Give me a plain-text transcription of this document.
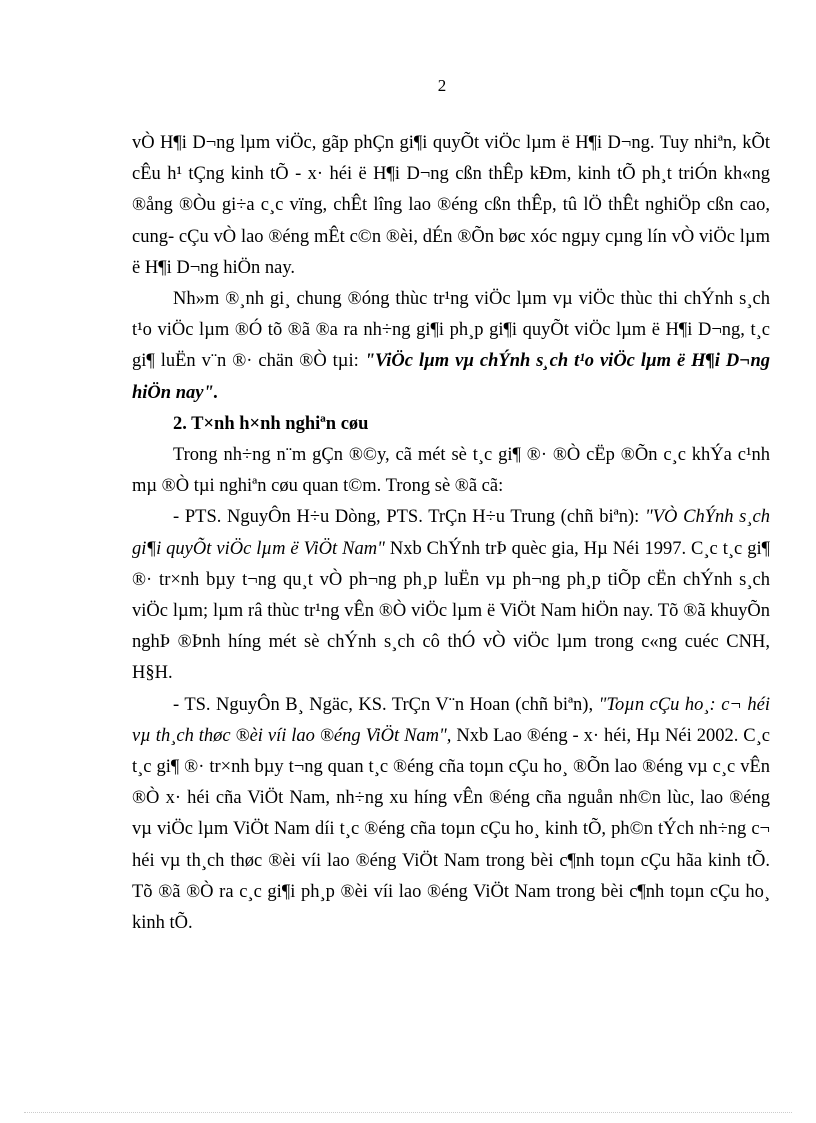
2

vÒ H¶i D¬ng lµm viÖc, gãp phÇn gi¶i quyÕt viÖc lµm ë H¶i D¬ng. Tuy nhiªn, kÕt cÊu h¹ tÇng kinh tÕ - x· héi ë H¶i D¬ng cßn thÊp kÐm, kinh tÕ ph¸t triÓn kh«ng ®ång ®Òu gi÷a c¸c vïng, chÊt lîng lao ®éng cßn thÊp, tû lÖ thÊt nghiÖp cßn cao, cung- cÇu vÒ lao ®éng mÊt c©n ®èi, dÉn ®Õn bøc xóc ngµy cµng lín vÒ viÖc lµm ë H¶i D¬ng hiÖn nay.

Nh»m ®¸nh gi¸ chung ®óng thùc tr¹ng viÖc lµm vµ viÖc thùc thi chÝnh s¸ch t¹o viÖc lµm ®Ó tõ ®ã ®a ra nh÷ng gi¶i ph¸p gi¶i quyÕt viÖc lµm ë H¶i D¬ng, t¸c gi¶ luËn v¨n ®· chän ®Ò tµi: "ViÖc lµm vµ chÝnh s¸ch t¹o viÖc lµm ë H¶i D¬ng hiÖn nay".

2. T×nh h×nh nghiªn cøu

Trong nh÷ng n¨m gÇn ®©y, cã mét sè t¸c gi¶ ®· ®Ò cËp ®Õn c¸c khÝa c¹nh mµ ®Ò tµi nghiªn cøu quan t©m. Trong sè ®ã cã:

- PTS. NguyÔn H÷u Dòng, PTS. TrÇn H÷u Trung (chñ biªn): "VÒ ChÝnh s¸ch gi¶i quyÕt viÖc lµm ë ViÖt Nam" Nxb ChÝnh trÞ quèc gia, Hµ Néi 1997. C¸c t¸c gi¶ ®· tr×nh bµy t¬ng qu¸t vÒ ph¬ng ph¸p luËn vµ ph¬ng ph¸p tiÕp cËn chÝnh s¸ch viÖc lµm; lµm râ thùc tr¹ng vÊn ®Ò viÖc lµm ë ViÖt Nam hiÖn nay. Tõ ®ã khuyÕn nghÞ ®Þnh híng mét sè chÝnh s¸ch cô thÓ vÒ viÖc lµm trong c«ng cuéc CNH, H§H.

- TS. NguyÔn B¸ Ngäc, KS. TrÇn V¨n Hoan (chñ biªn), "Toµn cÇu ho¸: c¬ héi vµ th¸ch thøc ®èi víi lao ®éng ViÖt Nam", Nxb Lao ®éng - x· héi, Hµ Néi 2002. C¸c t¸c gi¶ ®· tr×nh bµy t¬ng quan t¸c ®éng cña toµn cÇu ho¸ ®Õn lao ®éng vµ c¸c vÊn ®Ò x· héi cña ViÖt Nam, nh÷ng xu híng vÊn ®éng cña nguån nh©n lùc, lao ®éng vµ viÖc lµm ViÖt Nam díi t¸c ®éng cña toµn cÇu ho¸ kinh tÕ, ph©n tÝch nh÷ng c¬ héi vµ th¸ch thøc ®èi víi lao ®éng ViÖt Nam trong bèi c¶nh toµn cÇu hãa kinh tÕ. Tõ ®ã ®Ò ra c¸c gi¶i ph¸p ®èi víi lao ®éng ViÖt Nam trong bèi c¶nh toµn cÇu ho¸ kinh tÕ.
